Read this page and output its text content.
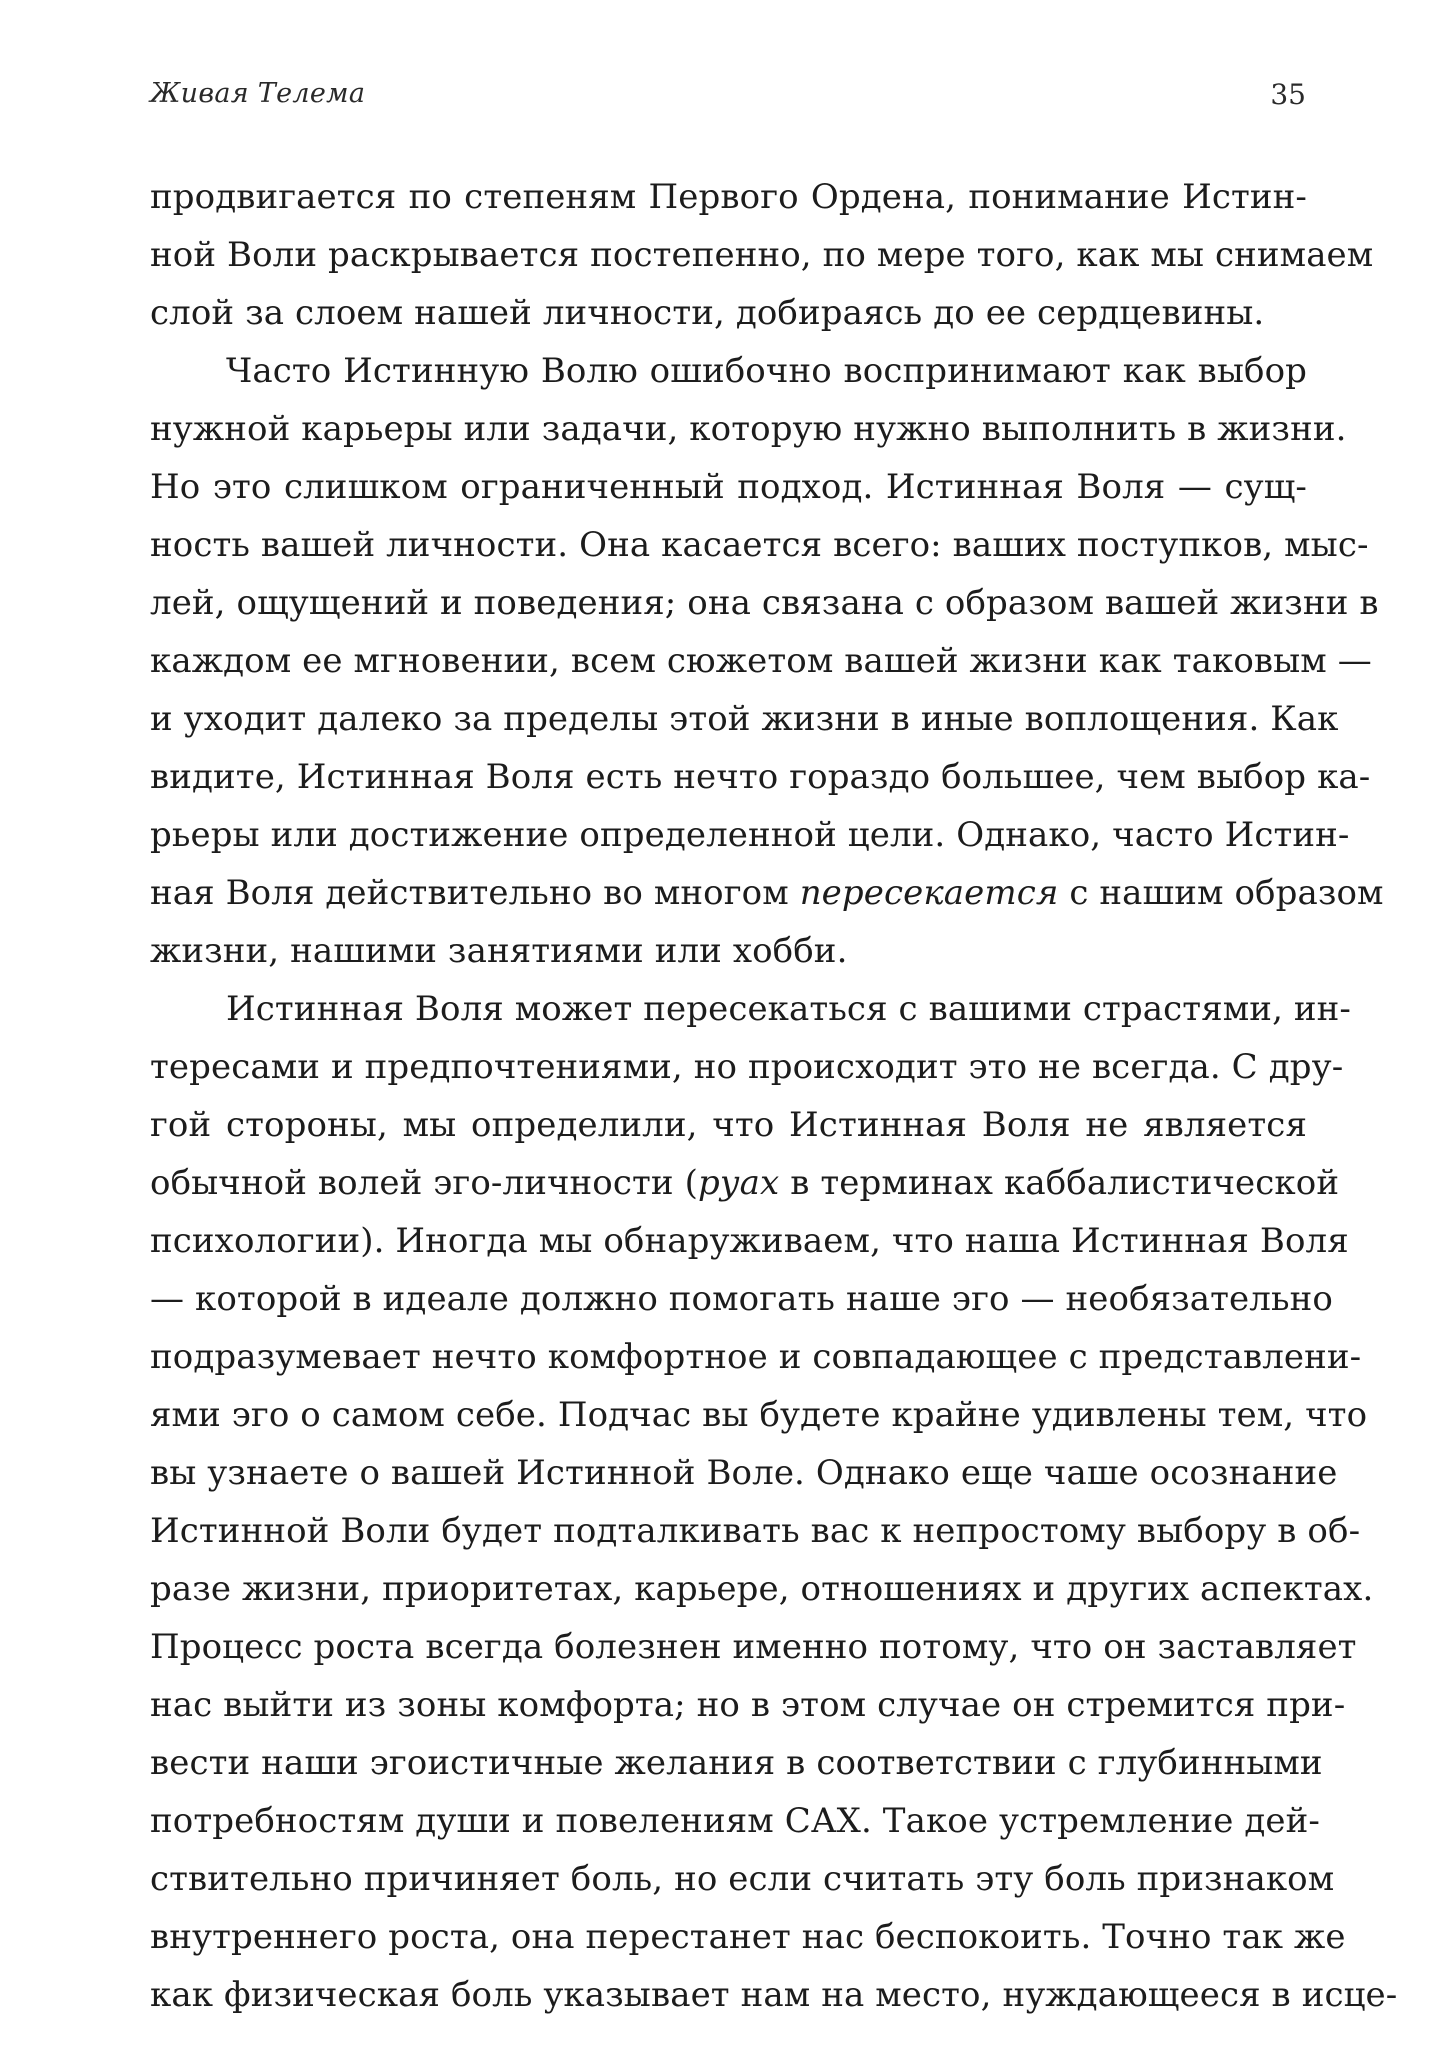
Живая Телема	35
продвигается по степеням Первого Ордена, понимание Истин-
ной Воли раскрывается постепенно, по мере того, как мы снимаем
слой за слоем нашей личности, добираясь до ее сердцевины.
Часто Истинную Волю ошибочно воспринимают как выбор
нужной карьеры или задачи, которую нужно выполнить в жизни.
Но это слишком ограниченный подход. Истинная Воля — сущ-
ность вашей личности. Она касается всего: ваших поступков, мыс-
лей, ощущений и поведения; она связана с образом вашей жизни в
каждом ее мгновении, всем сюжетом вашей жизни как таковым —
и уходит далеко за пределы этой жизни в иные воплощения. Как
видите, Истинная Воля есть нечто гораздо большее, чем выбор ка-
рьеры или достижение определенной цели. Однако, часто Истин-
ная Воля действительно во многом пересекается с нашим образом
жизни, нашими занятиями или хобби.
Истинная Воля может пересекаться с вашими страстями, ин-
тересами и предпочтениями, но происходит это не всегда. С дру-
гой стороны, мы определили, что Истинная Воля не является
обычной волей эго-личности (руах в терминах каббалистической
психологии). Иногда мы обнаруживаем, что наша Истинная Воля
— которой в идеале должно помогать наше эго — необязательно
подразумевает нечто комфортное и совпадающее с представлени-
ями эго о самом себе. Подчас вы будете крайне удивлены тем, что
вы узнаете о вашей Истинной Воле. Однако еще чаше осознание
Истинной Воли будет подталкивать вас к непростому выбору в об-
разе жизни, приоритетах, карьере, отношениях и других аспектах.
Процесс роста всегда болезнен именно потому, что он заставляет
нас выйти из зоны комфорта; но в этом случае он стремится при-
вести наши эгоистичные желания в соответствии с глубинными
потребностям души и повелениям САХ. Такое устремление дей-
ствительно причиняет боль, но если считать эту боль признаком
внутреннего роста, она перестанет нас беспокоить. Точно так же
как физическая боль указывает нам на место, нуждающееся в исце-
